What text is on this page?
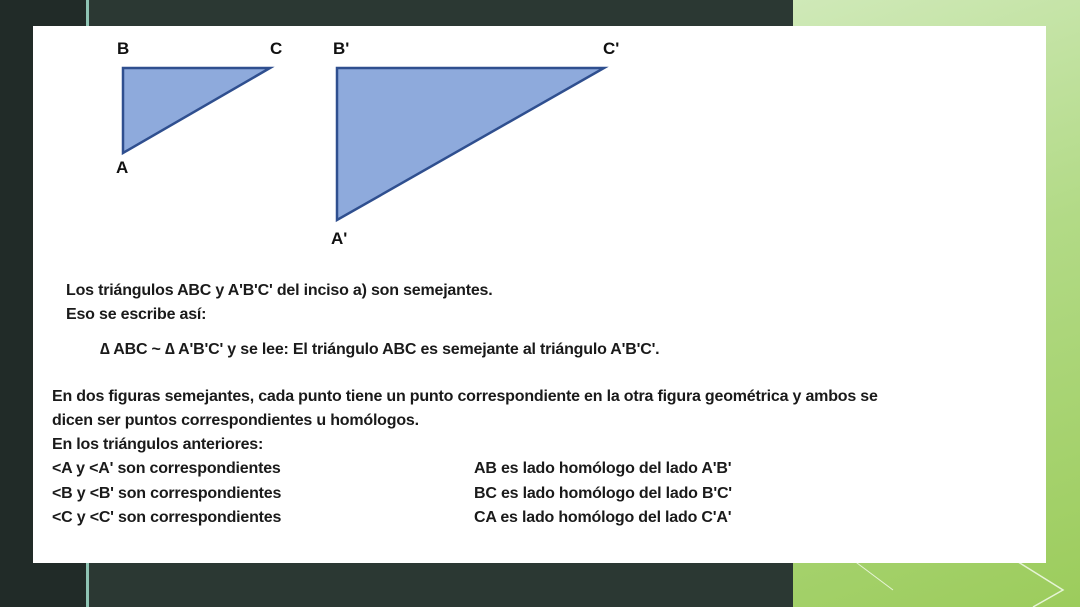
B	C
A
B'	C'
A'
Los triángulos ABC y A'B'C' del inciso a) son semejantes.
Eso se escribe así:
∆ ABC ~ ∆ A'B'C' y se lee: El triángulo ABC es semejante al triángulo A'B'C'.
En dos figuras semejantes, cada punto tiene un punto correspondiente en la otra figura geométrica y ambos se
dicen ser puntos correspondientes u homólogos.
En los triángulos anteriores:
<A y <A' son correspondientes
<B y <B' son correspondientes
<C y <C' son correspondientes
AB es lado homólogo del lado A'B'
BC es lado homólogo del lado B'C'
CA es lado homólogo del lado C'A'
